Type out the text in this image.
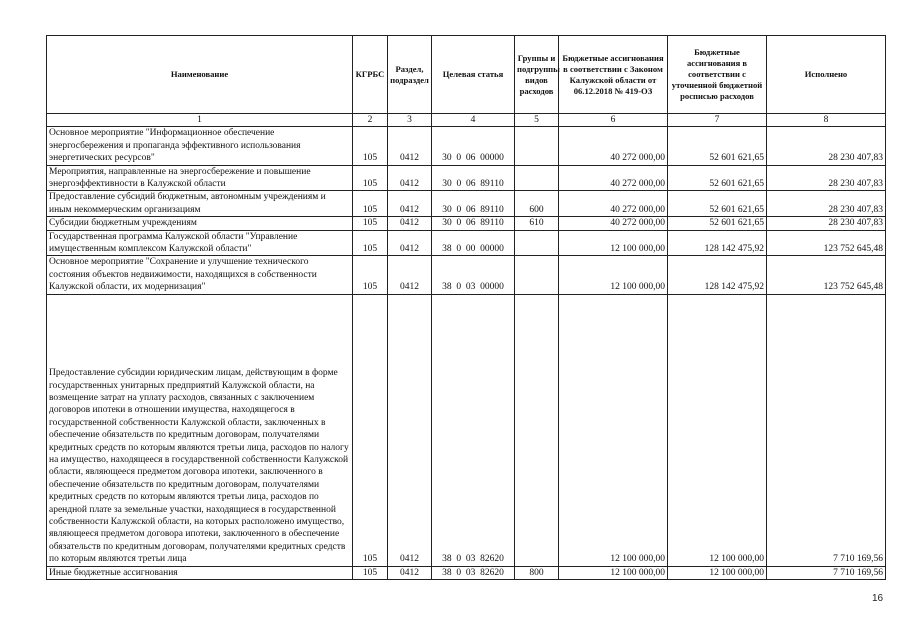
Наименование	КГРБС	Раздел, подраздел	Целевая статья	Группы и подгруппы видов расходов	Бюджетные ассигнования в соответствии с Законом Калужской области от 06.12.2018 № 419-ОЗ	Бюджетные ассигнования в соответствии с уточненной бюджетной росписью расходов	Исполнено
1	2	3	4	5	6	7	8
Основное мероприятие "Информационное обеспечение энергосбережения и пропаганда эффективного использования энергетических ресурсов"	105	0412	30  0  06  00000		40 272 000,00	52 601 621,65	28 230 407,83
Мероприятия, направленные на энергосбережение и повышение энергоэффективности в Калужской области	105	0412	30  0  06  89110		40 272 000,00	52 601 621,65	28 230 407,83
Предоставление субсидий бюджетным, автономным учреждениям и иным некоммерческим организациям	105	0412	30  0  06  89110	600	40 272 000,00	52 601 621,65	28 230 407,83
Субсидии бюджетным учреждениям	105	0412	30  0  06  89110	610	40 272 000,00	52 601 621,65	28 230 407,83
Государственная программа Калужской области "Управление имущественным комплексом Калужской области"	105	0412	38  0  00  00000		12 100 000,00	128 142 475,92	123 752 645,48
Основное мероприятие "Сохранение и улучшение технического состояния объектов недвижимости, находящихся в собственности Калужской области, их модернизация"	105	0412	38  0  03  00000		12 100 000,00	128 142 475,92	123 752 645,48
Предоставление субсидии юридическим лицам, действующим в форме государственных унитарных предприятий Калужской области, на возмещение затрат на уплату расходов, связанных с заключением договоров ипотеки в отношении имущества, находящегося в государственной собственности Калужской области, заключенных в обеспечение обязательств по кредитным договорам, получателями кредитных средств по которым являются третьи лица, расходов по налогу на имущество, находящееся в государственной собственности Калужской области, являющееся предметом договора ипотеки, заключенного в обеспечение обязательств по кредитным договорам, получателями кредитных средств по которым являются третьи лица, расходов по арендной плате за земельные участки, находящиеся в государственной собственности Калужской области, на которых расположено имущество, являющееся предметом договора ипотеки, заключенного в обеспечение обязательств по кредитным договорам, получателями кредитных средств по которым являются третьи лица	105	0412	38  0  03  82620		12 100 000,00	12 100 000,00	7 710 169,56
Иные бюджетные ассигнования	105	0412	38  0  03  82620	800	12 100 000,00	12 100 000,00	7 710 169,56
16
